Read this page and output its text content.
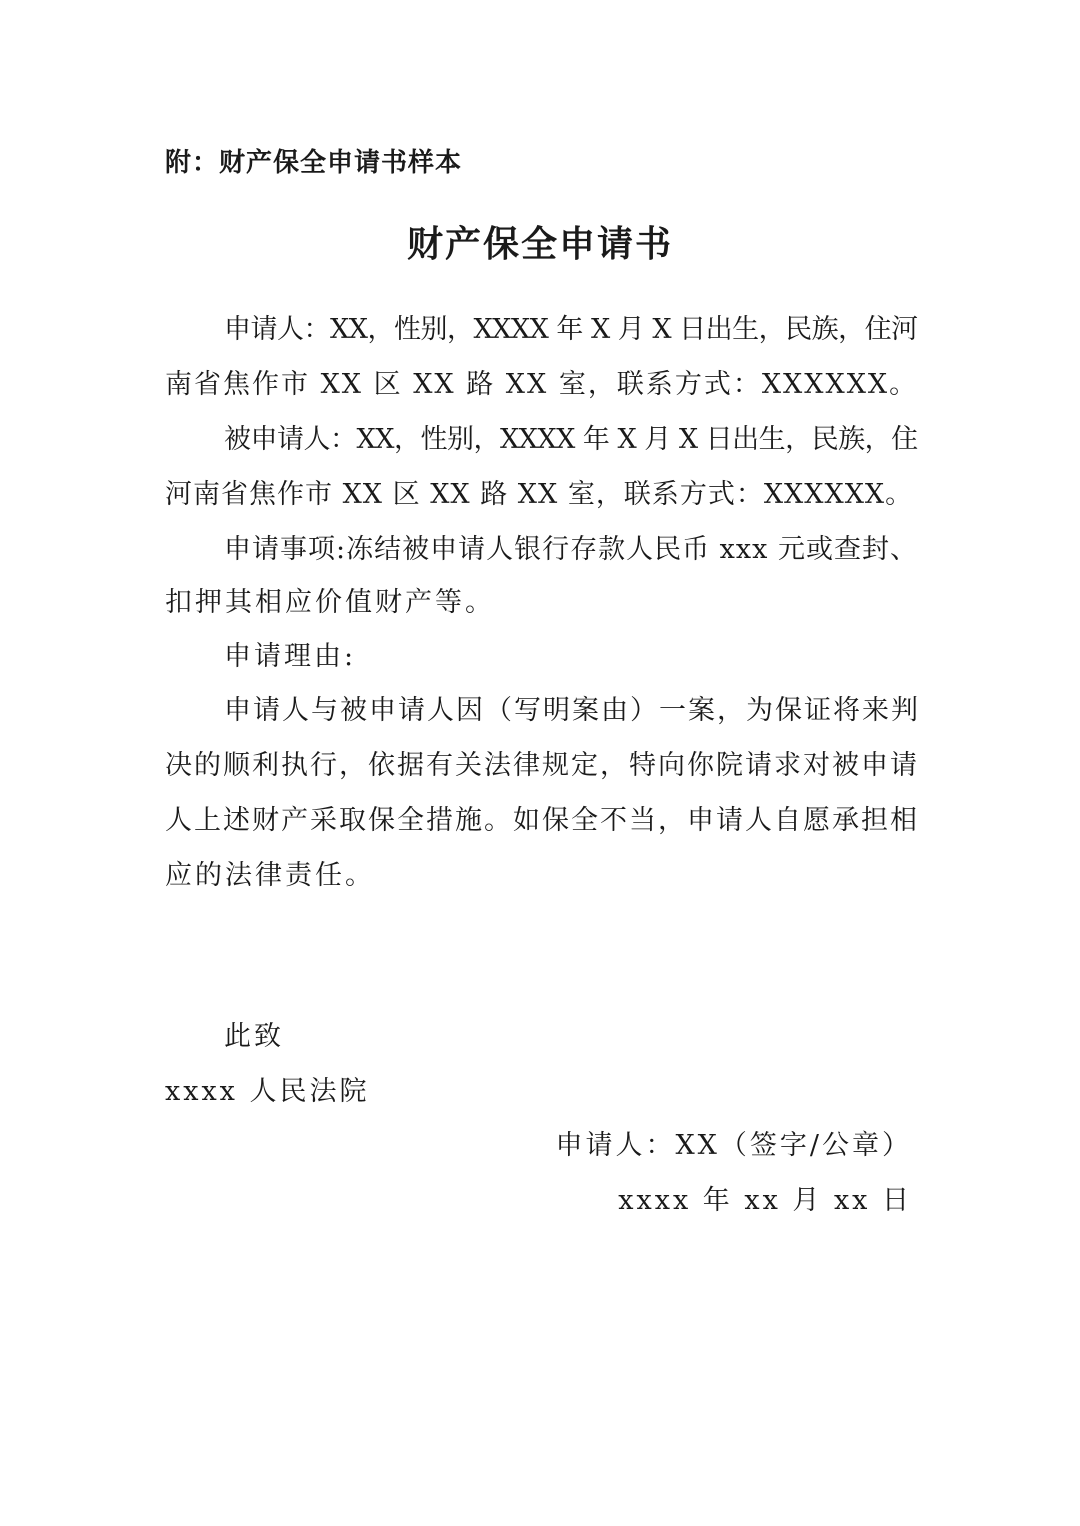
附：财产保全申请书样本
财产保全申请书
申请人：XX，性别，XXXX 年 X 月 X 日出生，民族，住河
南省焦作市 XX 区 XX 路 XX 室，联系方式：XXXXXX。
被申请人：XX，性别，XXXX 年 X 月 X 日出生，民族，住
河南省焦作市 XX 区 XX 路 XX 室，联系方式：XXXXXX。
申请事项:冻结被申请人银行存款人民币 xxx 元或查封、
扣押其相应价值财产等。
申请理由:
申请人与被申请人因（写明案由）一案，为保证将来判
决的顺利执行，依据有关法律规定，特向你院请求对被申请
人上述财产采取保全措施。如保全不当，申请人自愿承担相
应的法律责任。
此致
xxxx 人民法院
申请人：XX（签字/公章）
xxxx 年 xx 月 xx 日
